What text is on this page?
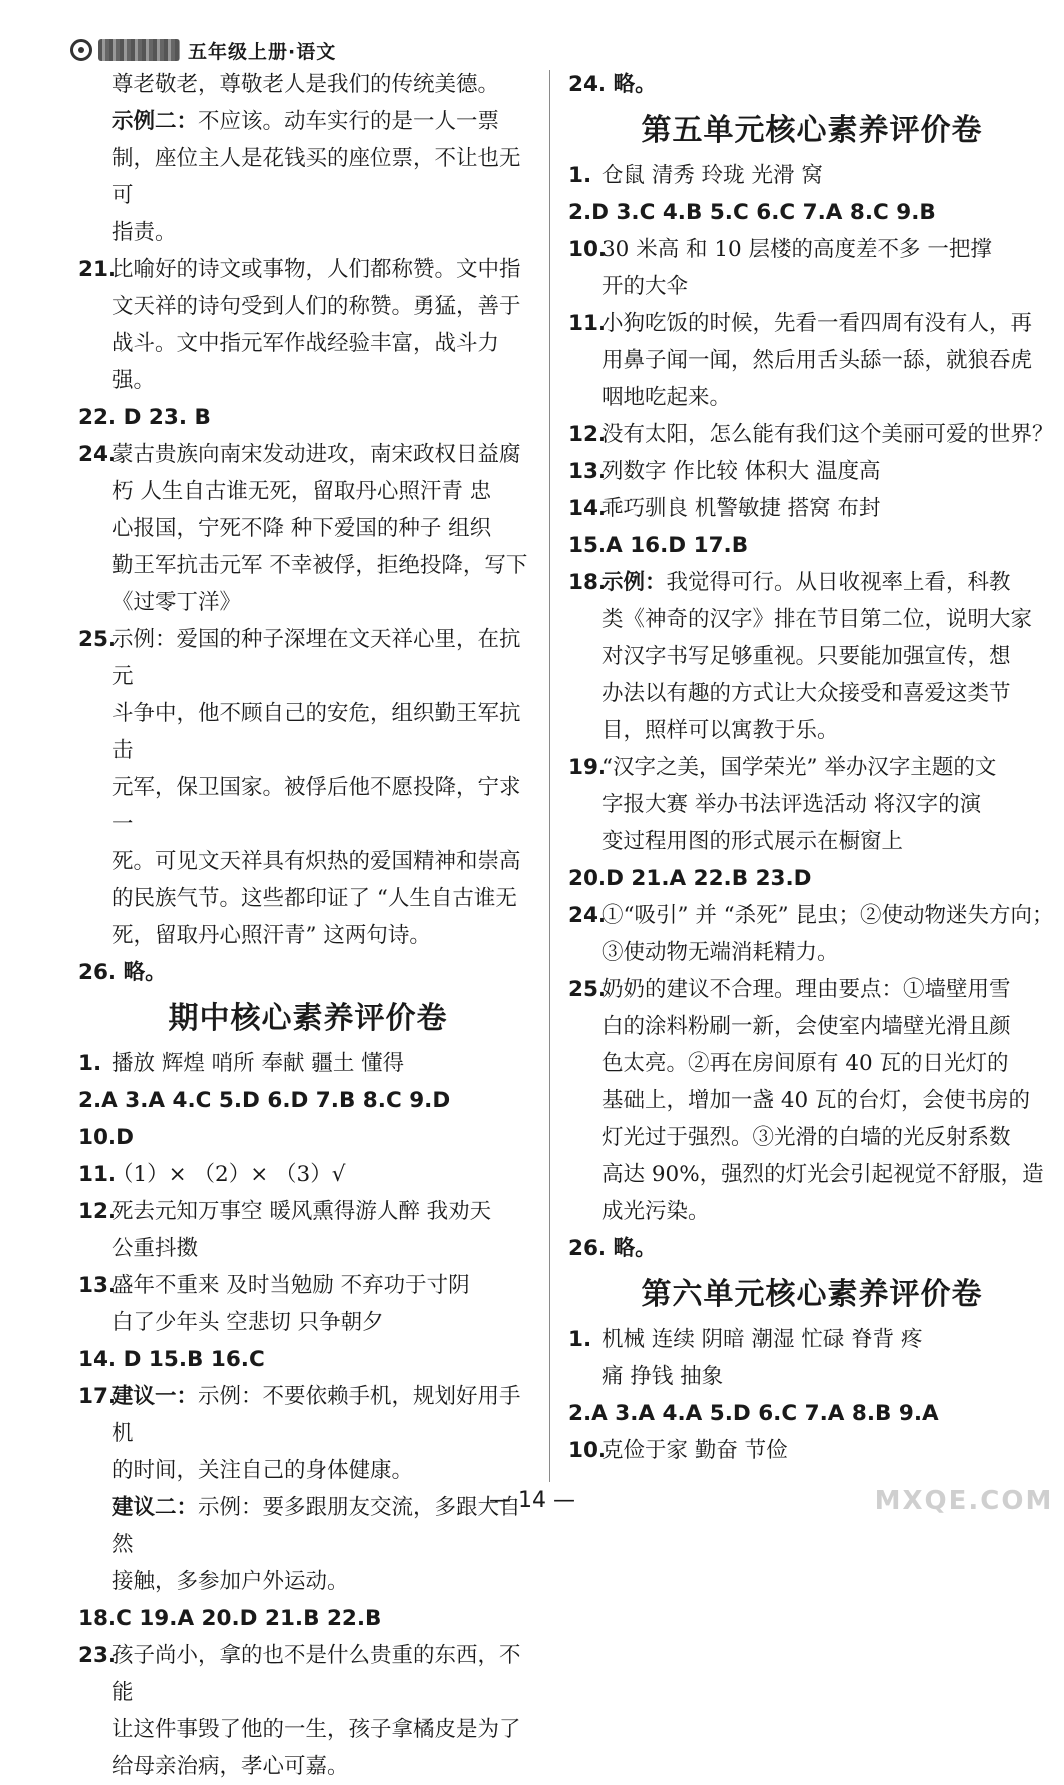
五年级上册·语文
尊老敬老，尊敬老人是我们的传统美德。
示例二：不应该。动车实行的是一人一票
制，座位主人是花钱买的座位票，不让也无可
指责。
21.
比喻好的诗文或事物，人们都称赞。文中指
文天祥的诗句受到人们的称赞。勇猛，善于
战斗。文中指元军作战经验丰富，战斗力强。
22. D 23. B
24.
蒙古贵族向南宋发动进攻，南宋政权日益腐
朽 人生自古谁无死，留取丹心照汗青 忠
心报国，宁死不降 种下爱国的种子 组织
勤王军抗击元军 不幸被俘，拒绝投降，写下
《过零丁洋》
25.
示例：爱国的种子深埋在文天祥心里，在抗元
斗争中，他不顾自己的安危，组织勤王军抗击
元军，保卫国家。被俘后他不愿投降，宁求一
死。可见文天祥具有炽热的爱国精神和崇高
的民族气节。这些都印证了 “人生自古谁无
死，留取丹心照汗青” 这两句诗。
26. 略。
期中核心素养评价卷
1. 播放 辉煌 哨所 奉献 疆土 懂得
2.A 3.A 4.C 5.D 6.D 7.B 8.C 9.D
10.D
11.
（1）× （2）× （3）√
12.
死去元知万事空 暖风熏得游人醉 我劝天
公重抖擞
13.
盛年不重来 及时当勉励 不弃功于寸阴
白了少年头 空悲切 只争朝夕
14. D 15.B 16.C
17.
建议一：示例：不要依赖手机，规划好用手机
的时间，关注自己的身体健康。
建议二：示例：要多跟朋友交流，多跟大自然
接触，多参加户外运动。
18.C 19.A 20.D 21.B 22.B
23.
孩子尚小，拿的也不是什么贵重的东西，不能
让这件事毁了他的一生，孩子拿橘皮是为了
给母亲治病，孝心可嘉。
24. 略。
第五单元核心素养评价卷
1. 仓鼠 清秀 玲珑 光滑 窝
2.D 3.C 4.B 5.C 6.C 7.A 8.C 9.B
10.
30 米高 和 10 层楼的高度差不多 一把撑
开的大伞
11.
小狗吃饭的时候，先看一看四周有没有人，再
用鼻子闻一闻，然后用舌头舔一舔，就狼吞虎
咽地吃起来。
12.
没有太阳，怎么能有我们这个美丽可爱的世界？
13.
列数字 作比较 体积大 温度高
14.
乖巧驯良 机警敏捷 搭窝 布封
15.A 16.D 17.B
18.
示例：我觉得可行。从日收视率上看，科教
类《神奇的汉字》排在节目第二位，说明大家
对汉字书写足够重视。只要能加强宣传，想
办法以有趣的方式让大众接受和喜爱这类节
目，照样可以寓教于乐。
19.
“汉字之美，国学荣光” 举办汉字主题的文
字报大赛 举办书法评选活动 将汉字的演
变过程用图的形式展示在橱窗上
20.D 21.A 22.B 23.D
24.
①“吸引” 并 “杀死” 昆虫；②使动物迷失方向；
③使动物无端消耗精力。
25.
奶奶的建议不合理。理由要点：①墙壁用雪
白的涂料粉刷一新，会使室内墙壁光滑且颜
色太亮。②再在房间原有 40 瓦的日光灯的
基础上，增加一盏 40 瓦的台灯，会使书房的
灯光过于强烈。③光滑的白墙的光反射系数
高达 90%，强烈的灯光会引起视觉不舒服，造
成光污染。
26. 略。
第六单元核心素养评价卷
1. 机械 连续 阴暗 潮湿 忙碌 脊背 疼
痛 挣钱 抽象
2.A 3.A 4.A 5.D 6.C 7.A 8.B 9.A
10.
克俭于家 勤奋 节俭
— 14 —	MXQE.COM
